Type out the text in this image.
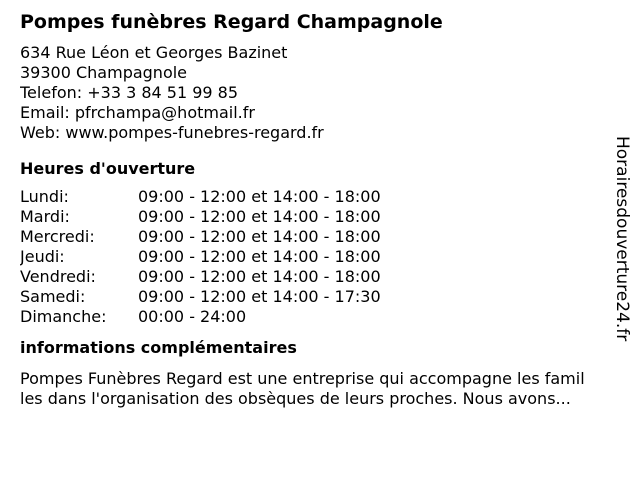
Pompes funèbres Regard Champagnole
634 Rue Léon et Georges Bazinet
39300 Champagnole
Telefon: +33 3 84 51 99 85
Email: pfrchampa@hotmail.fr
Web: www.pompes-funebres-regard.fr
Heures d'ouverture
Lundi:	09:00 - 12:00 et 14:00 - 18:00
Mardi:	09:00 - 12:00 et 14:00 - 18:00
Mercredi:	09:00 - 12:00 et 14:00 - 18:00
Jeudi:	09:00 - 12:00 et 14:00 - 18:00
Vendredi:	09:00 - 12:00 et 14:00 - 18:00
Samedi:	09:00 - 12:00 et 14:00 - 17:30
Dimanche:	00:00 - 24:00
informations complémentaires
Pompes Funèbres Regard est une entreprise qui accompagne les famil
les dans l'organisation des obsèques de leurs proches. Nous avons...
Horairesdouverture24.fr
